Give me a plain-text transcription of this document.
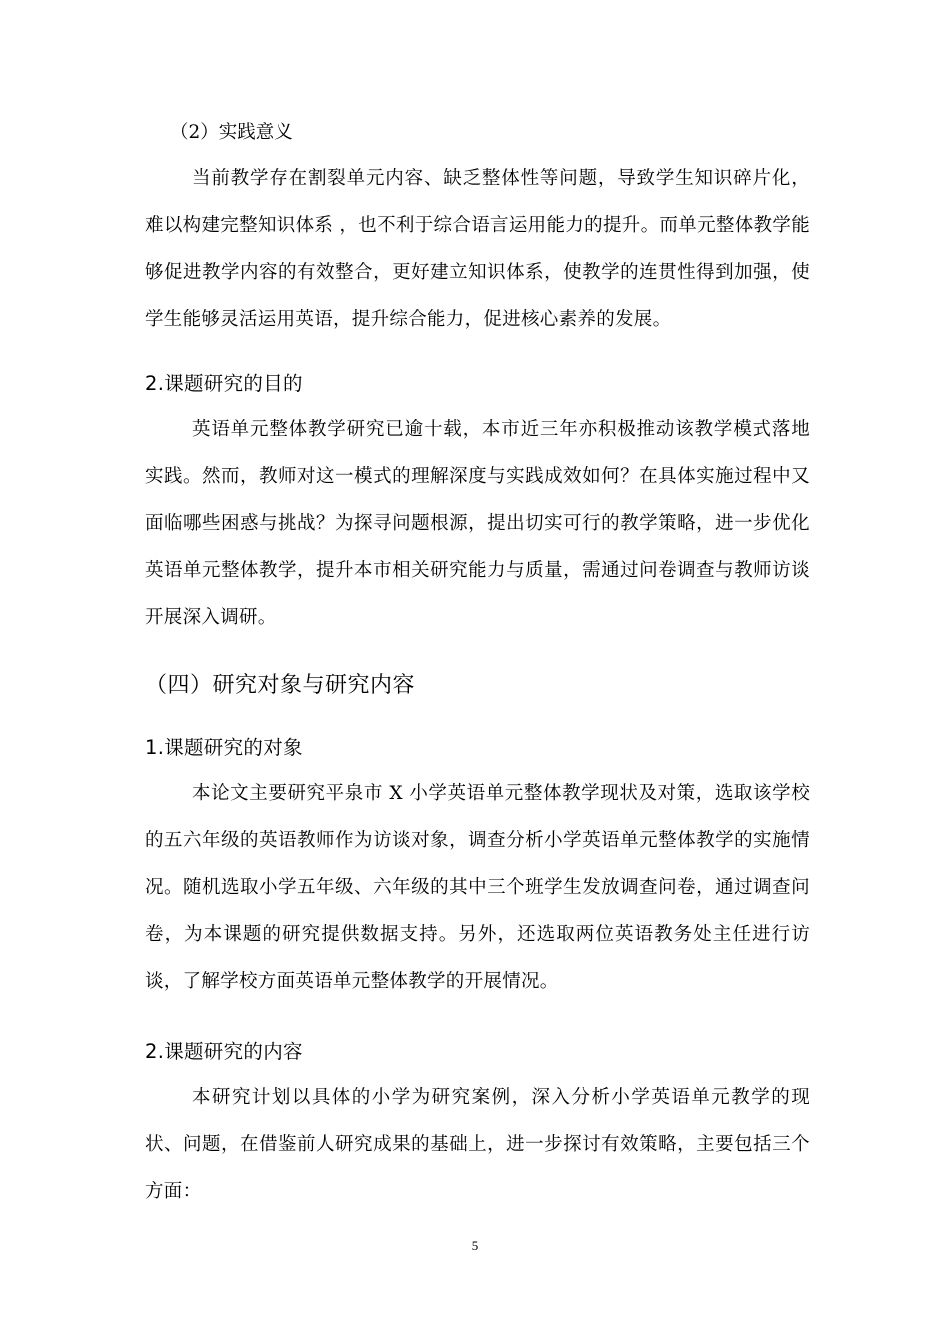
（2）实践意义

当前教学存在割裂单元内容、缺乏整体性等问题，导致学生知识碎片化，难以构建完整知识体系 ，也不利于综合语言运用能力的提升。而单元整体教学能够促进教学内容的有效整合，更好建立知识体系，使教学的连贯性得到加强，使学生能够灵活运用英语，提升综合能力，促进核心素养的发展。

2.课题研究的目的

英语单元整体教学研究已逾十载，本市近三年亦积极推动该教学模式落地实践。然而，教师对这一模式的理解深度与实践成效如何？在具体实施过程中又面临哪些困惑与挑战？为探寻问题根源，提出切实可行的教学策略，进一步优化英语单元整体教学，提升本市相关研究能力与质量，需通过问卷调查与教师访谈开展深入调研。

（四）研究对象与研究内容

1.课题研究的对象

本论文主要研究平泉市 X 小学英语单元整体教学现状及对策，选取该学校的五六年级的英语教师作为访谈对象，调查分析小学英语单元整体教学的实施情况。随机选取小学五年级、六年级的其中三个班学生发放调查问卷，通过调查问卷，为本课题的研究提供数据支持。另外，还选取两位英语教务处主任进行访谈，了解学校方面英语单元整体教学的开展情况。

2.课题研究的内容

本研究计划以具体的小学为研究案例，深入分析小学英语单元教学的现状、问题，在借鉴前人研究成果的基础上，进一步探讨有效策略，主要包括三个方面：

5
